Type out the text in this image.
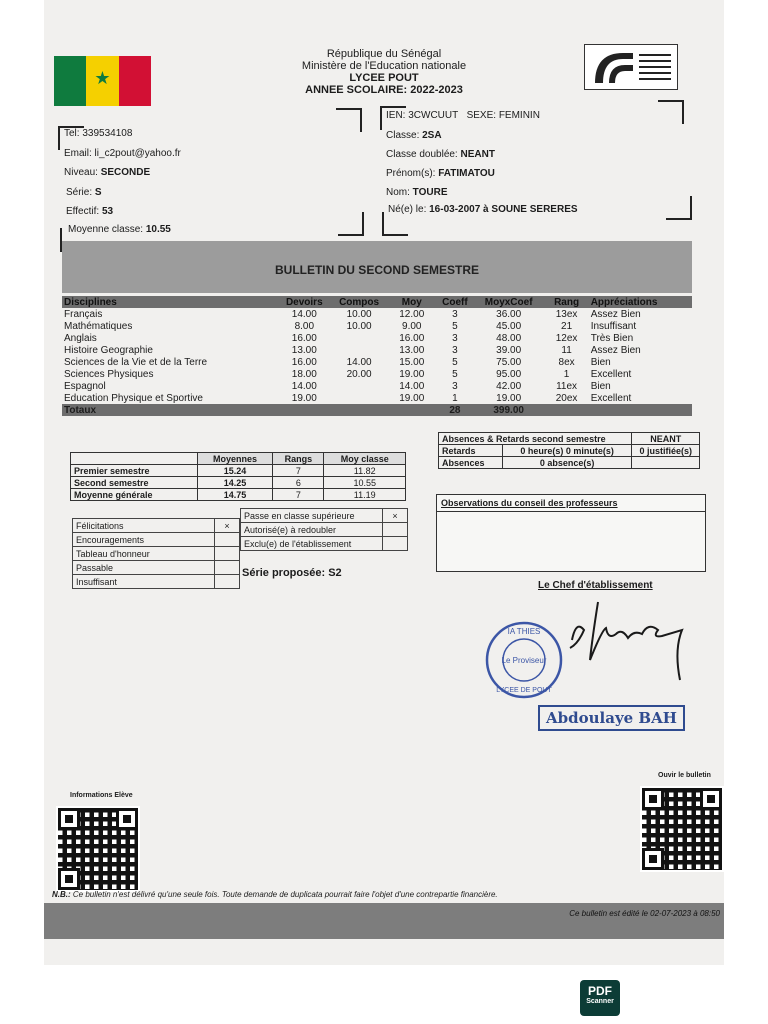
★
République du Sénégal
Ministère de l'Education nationale
LYCEE POUT
ANNEE SCOLAIRE: 2022-2023
Tel: 339534108
Email: li_c2pout@yahoo.fr
Niveau: SECONDE
Série: S
Effectif: 53
Moyenne classe: 10.55
IEN: 3CWCUUT SEXE: FEMININ
Classe: 2SA
Classe doublée: NEANT
Prénom(s): FATIMATOU
Nom: TOURE
Né(e) le: 16-03-2007 à SOUNE SERERES
BULLETIN DU SECOND SEMESTRE
Disciplines	Devoirs	Compos	Moy	Coeff	MoyxCoef	Rang	Appréciations
Français	14.00	10.00	12.00	3	36.00	13ex	Assez Bien
Mathématiques	8.00	10.00	9.00	5	45.00	21	Insuffisant
Anglais	16.00		16.00	3	48.00	12ex	Très Bien
Histoire Geographie	13.00		13.00	3	39.00	11	Assez Bien
Sciences de la Vie et de la Terre	16.00	14.00	15.00	5	75.00	8ex	Bien
Sciences Physiques	18.00	20.00	19.00	5	95.00	1	Excellent
Espagnol	14.00		14.00	3	42.00	11ex	Bien
Education Physique et Sportive	19.00		19.00	1	19.00	20ex	Excellent
Totaux				28	399.00		
	Moyennes	Rangs	Moy classe
Premier semestre	15.24	7	11.82
Second semestre	14.25	6	10.55
Moyenne générale	14.75	7	11.19
Absences & Retards second semestre		NEANT
Retards	0 heure(s) 0 minute(s)	0 justifiée(s)
Absences	0 absence(s)	
Félicitations	×
Encouragements	
Tableau d'honneur	
Passable	
Insuffisant	
Passe en classe supérieure	×
Autorisé(e) à redoubler	
Exclu(e) de l'établissement	
Série proposée: S2
Observations du conseil des professeurs
Le Chef d'établissement
IA THIES
Le Proviseur
LYCEE DE POUT
Abdoulaye BAH
Informations Elève
Ouvir le bulletin
N.B.: Ce bulletin n'est délivré qu'une seule fois. Toute demande de duplicata pourrait faire l'objet d'une contrepartie financière.
Ce bulletin est édité le 02-07-2023 à 08:50
PDF
Scanner
